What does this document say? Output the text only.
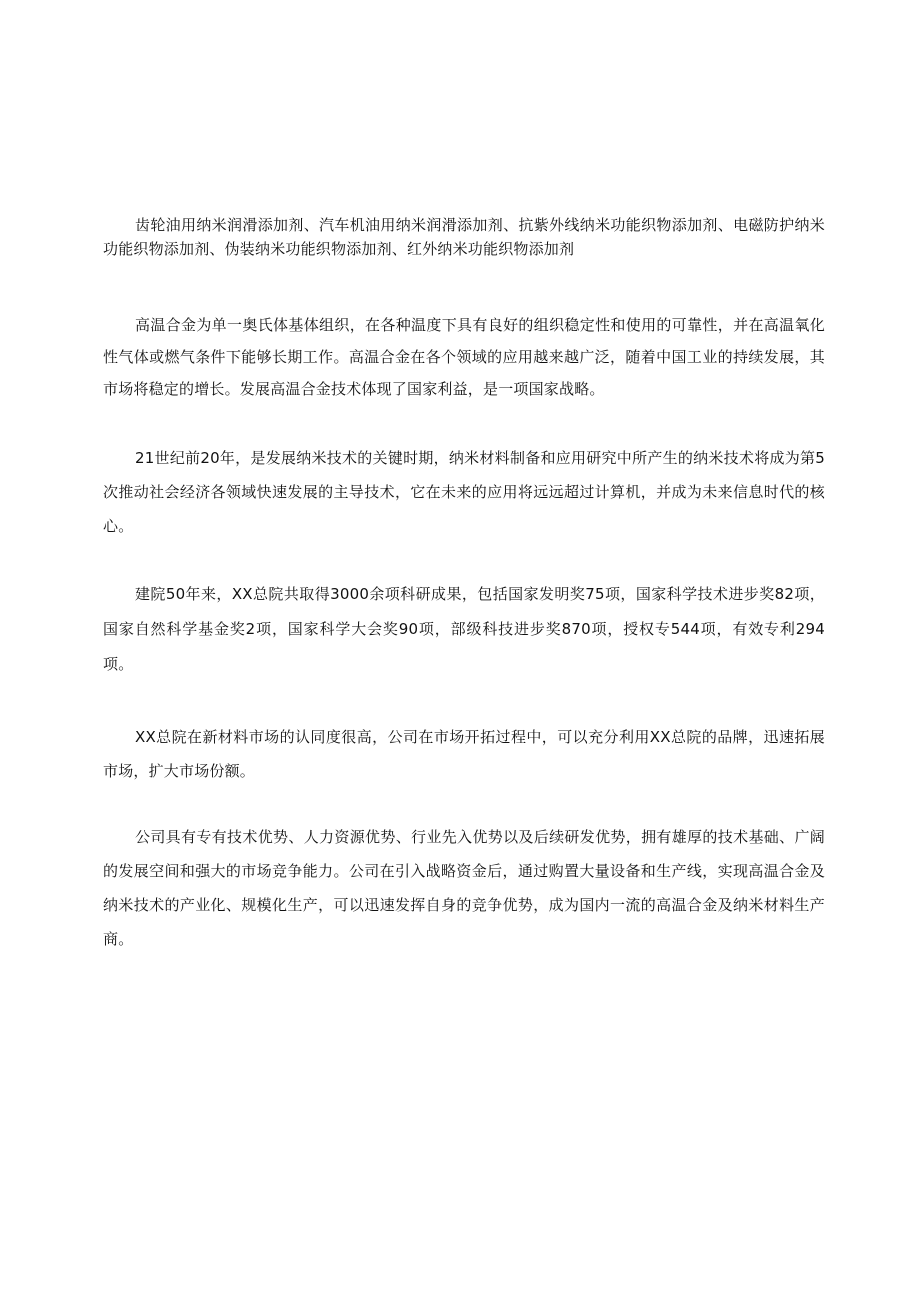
齿轮油用纳米润滑添加剂、汽车机油用纳米润滑添加剂、抗紫外线纳米功能织物添加剂、电磁防护纳米功能织物添加剂、伪装纳米功能织物添加剂、红外纳米功能织物添加剂

高温合金为单一奥氏体基体组织，在各种温度下具有良好的组织稳定性和使用的可靠性，并在高温氧化性气体或燃气条件下能够长期工作。高温合金在各个领域的应用越来越广泛，随着中国工业的持续发展，其市场将稳定的增长。发展高温合金技术体现了国家利益，是一项国家战略。

21世纪前20年，是发展纳米技术的关键时期，纳米材料制备和应用研究中所产生的纳米技术将成为第5次推动社会经济各领域快速发展的主导技术，它在未来的应用将远远超过计算机，并成为未来信息时代的核心。

建院50年来，XX总院共取得3000余项科研成果，包括国家发明奖75项，国家科学技术进步奖82项，国家自然科学基金奖2项，国家科学大会奖90项，部级科技进步奖870项，授权专544项，有效专利294项。

XX总院在新材料市场的认同度很高，公司在市场开拓过程中，可以充分利用XX总院的品牌，迅速拓展市场，扩大市场份额。

公司具有专有技术优势、人力资源优势、行业先入优势以及后续研发优势，拥有雄厚的技术基础、广阔的发展空间和强大的市场竞争能力。公司在引入战略资金后，通过购置大量设备和生产线，实现高温合金及纳米技术的产业化、规模化生产，可以迅速发挥自身的竞争优势，成为国内一流的高温合金及纳米材料生产商。
